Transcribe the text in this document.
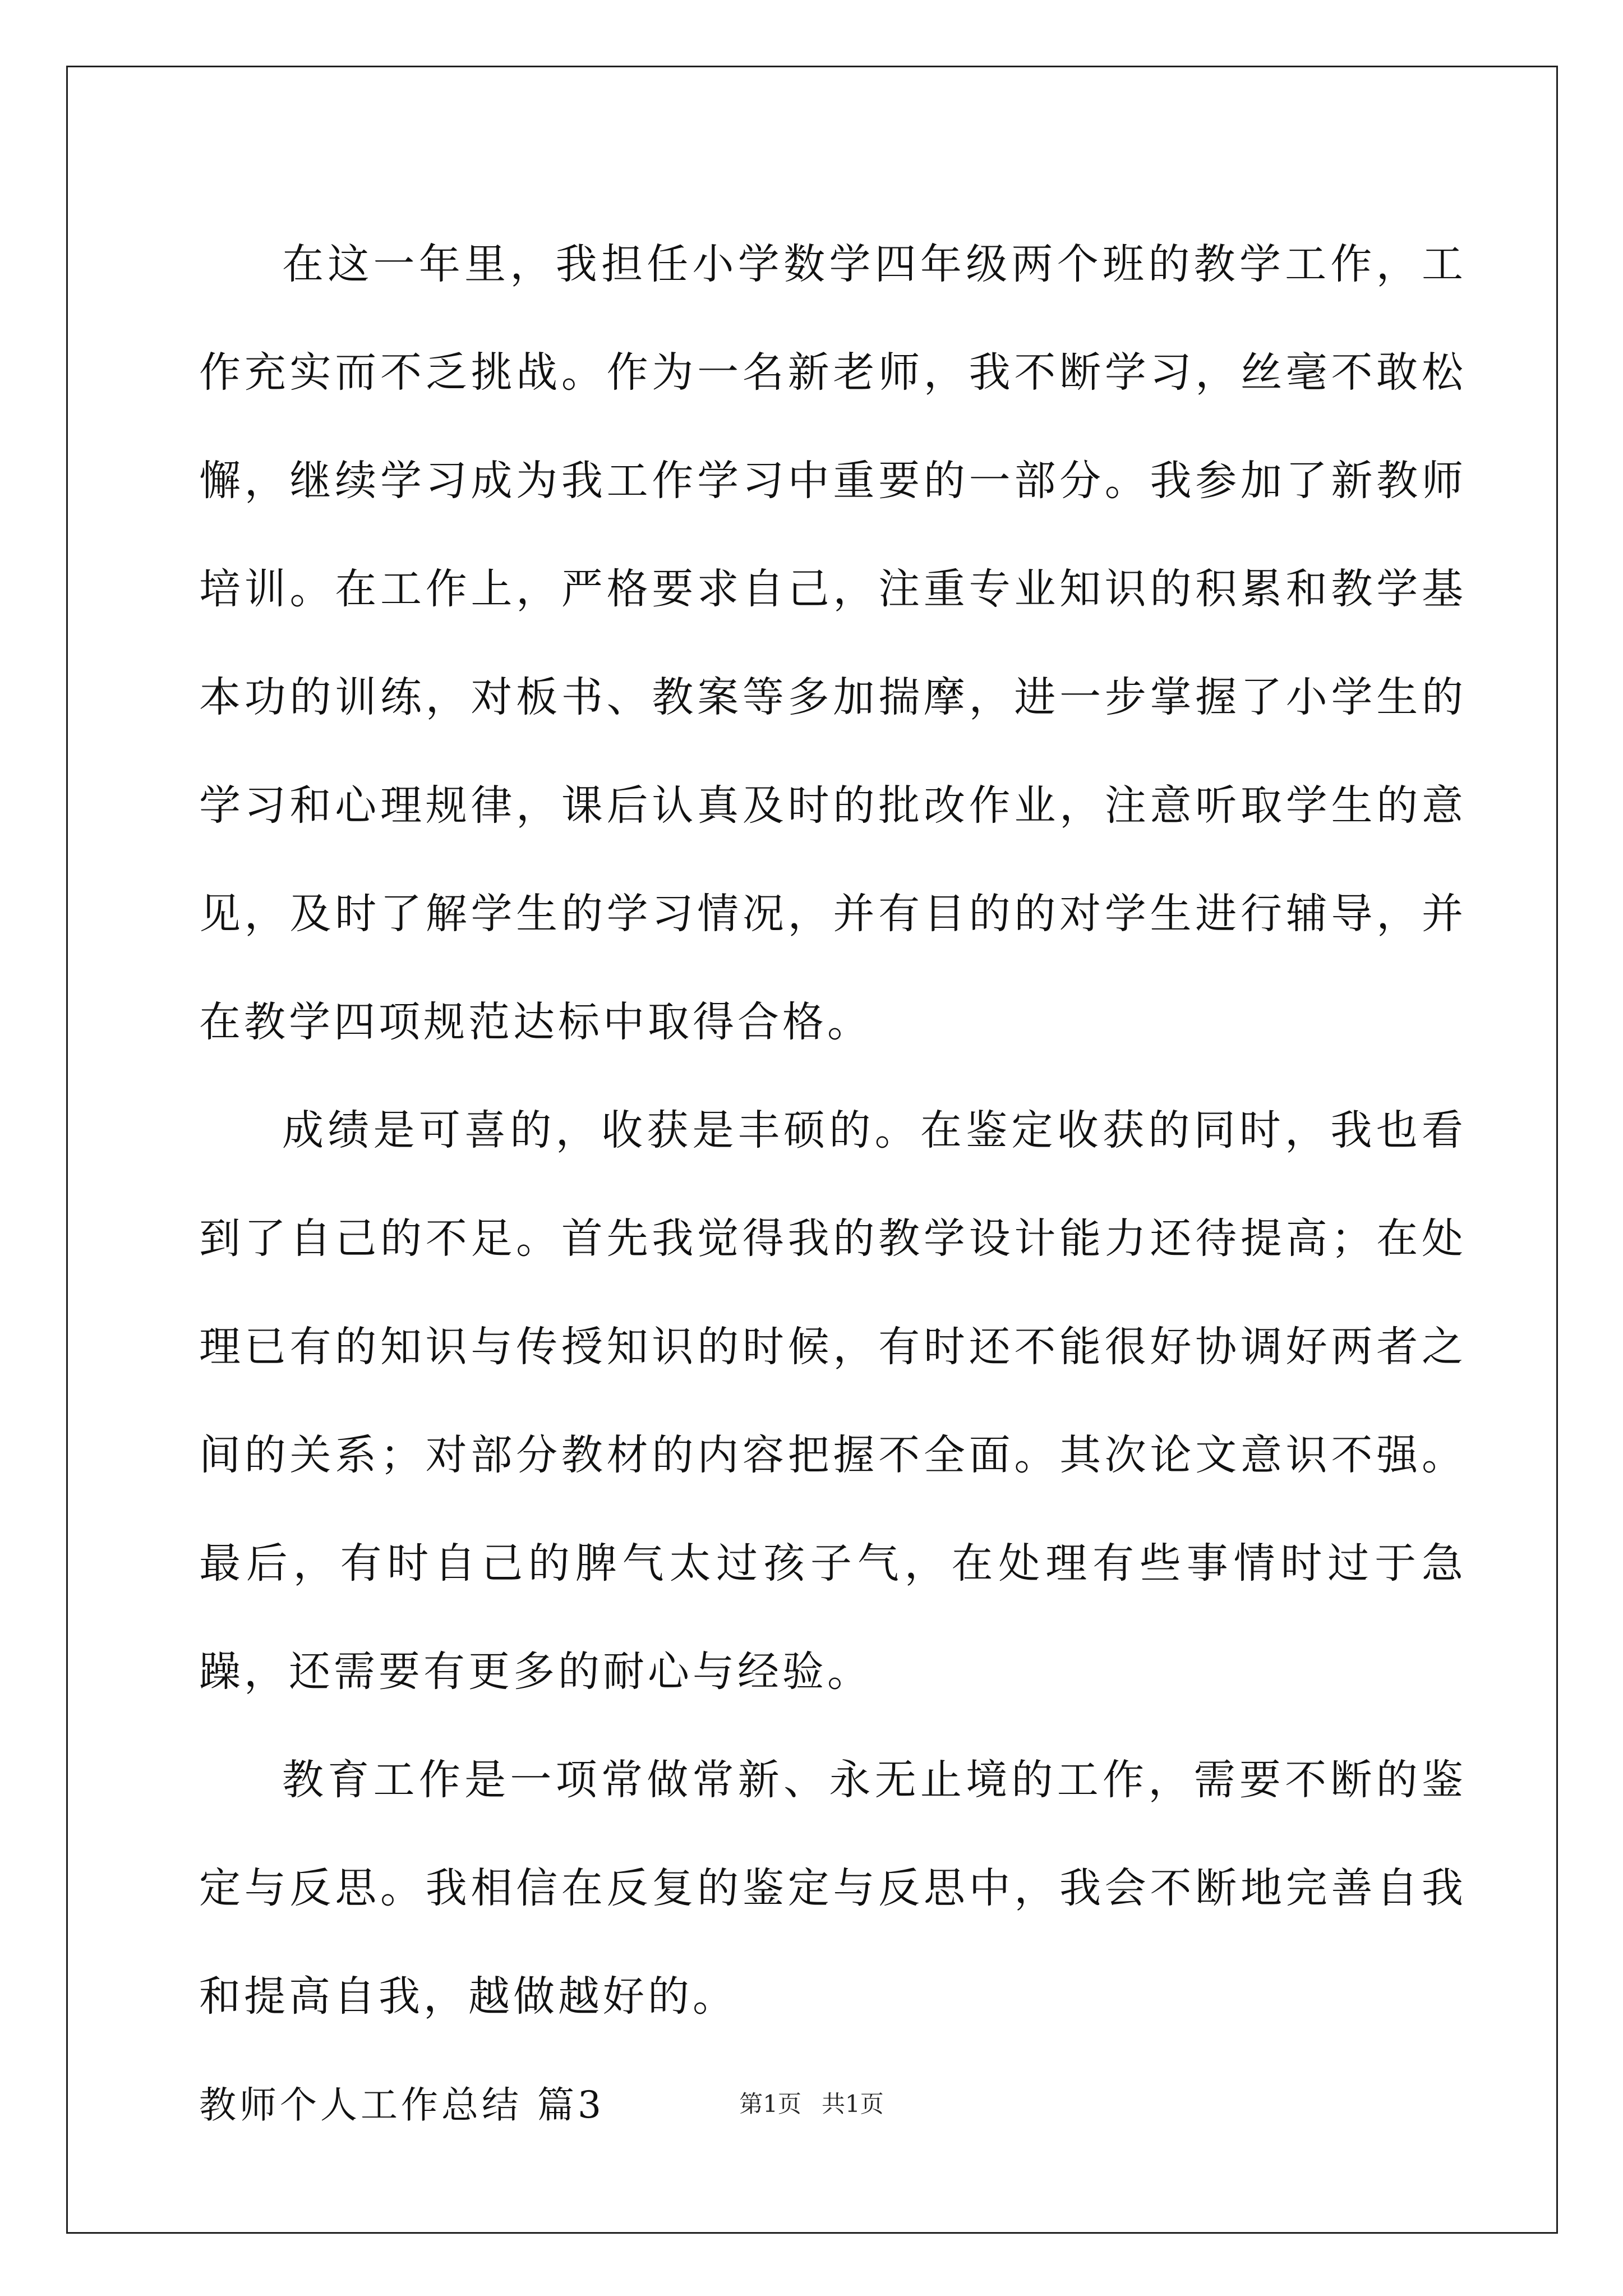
在这一年里，我担任小学数学四年级两个班的教学工作，工作充实而不乏挑战。作为一名新老师，我不断学习，丝毫不敢松懈，继续学习成为我工作学习中重要的一部分。我参加了新教师培训。在工作上，严格要求自己，注重专业知识的积累和教学基本功的训练，对板书、教案等多加揣摩，进一步掌握了小学生的学习和心理规律，课后认真及时的批改作业，注意听取学生的意见，及时了解学生的学习情况，并有目的的对学生进行辅导，并在教学四项规范达标中取得合格。

成绩是可喜的，收获是丰硕的。在鉴定收获的同时，我也看到了自己的不足。首先我觉得我的教学设计能力还待提高；在处理已有的知识与传授知识的时候，有时还不能很好协调好两者之间的关系；对部分教材的内容把握不全面。其次论文意识不强。最后，有时自己的脾气太过孩子气，在处理有些事情时过于急躁，还需要有更多的耐心与经验。

教育工作是一项常做常新、永无止境的工作，需要不断的鉴定与反思。我相信在反复的鉴定与反思中，我会不断地完善自我和提高自我，越做越好的。

教师个人工作总结 篇3	第1页 共1页
